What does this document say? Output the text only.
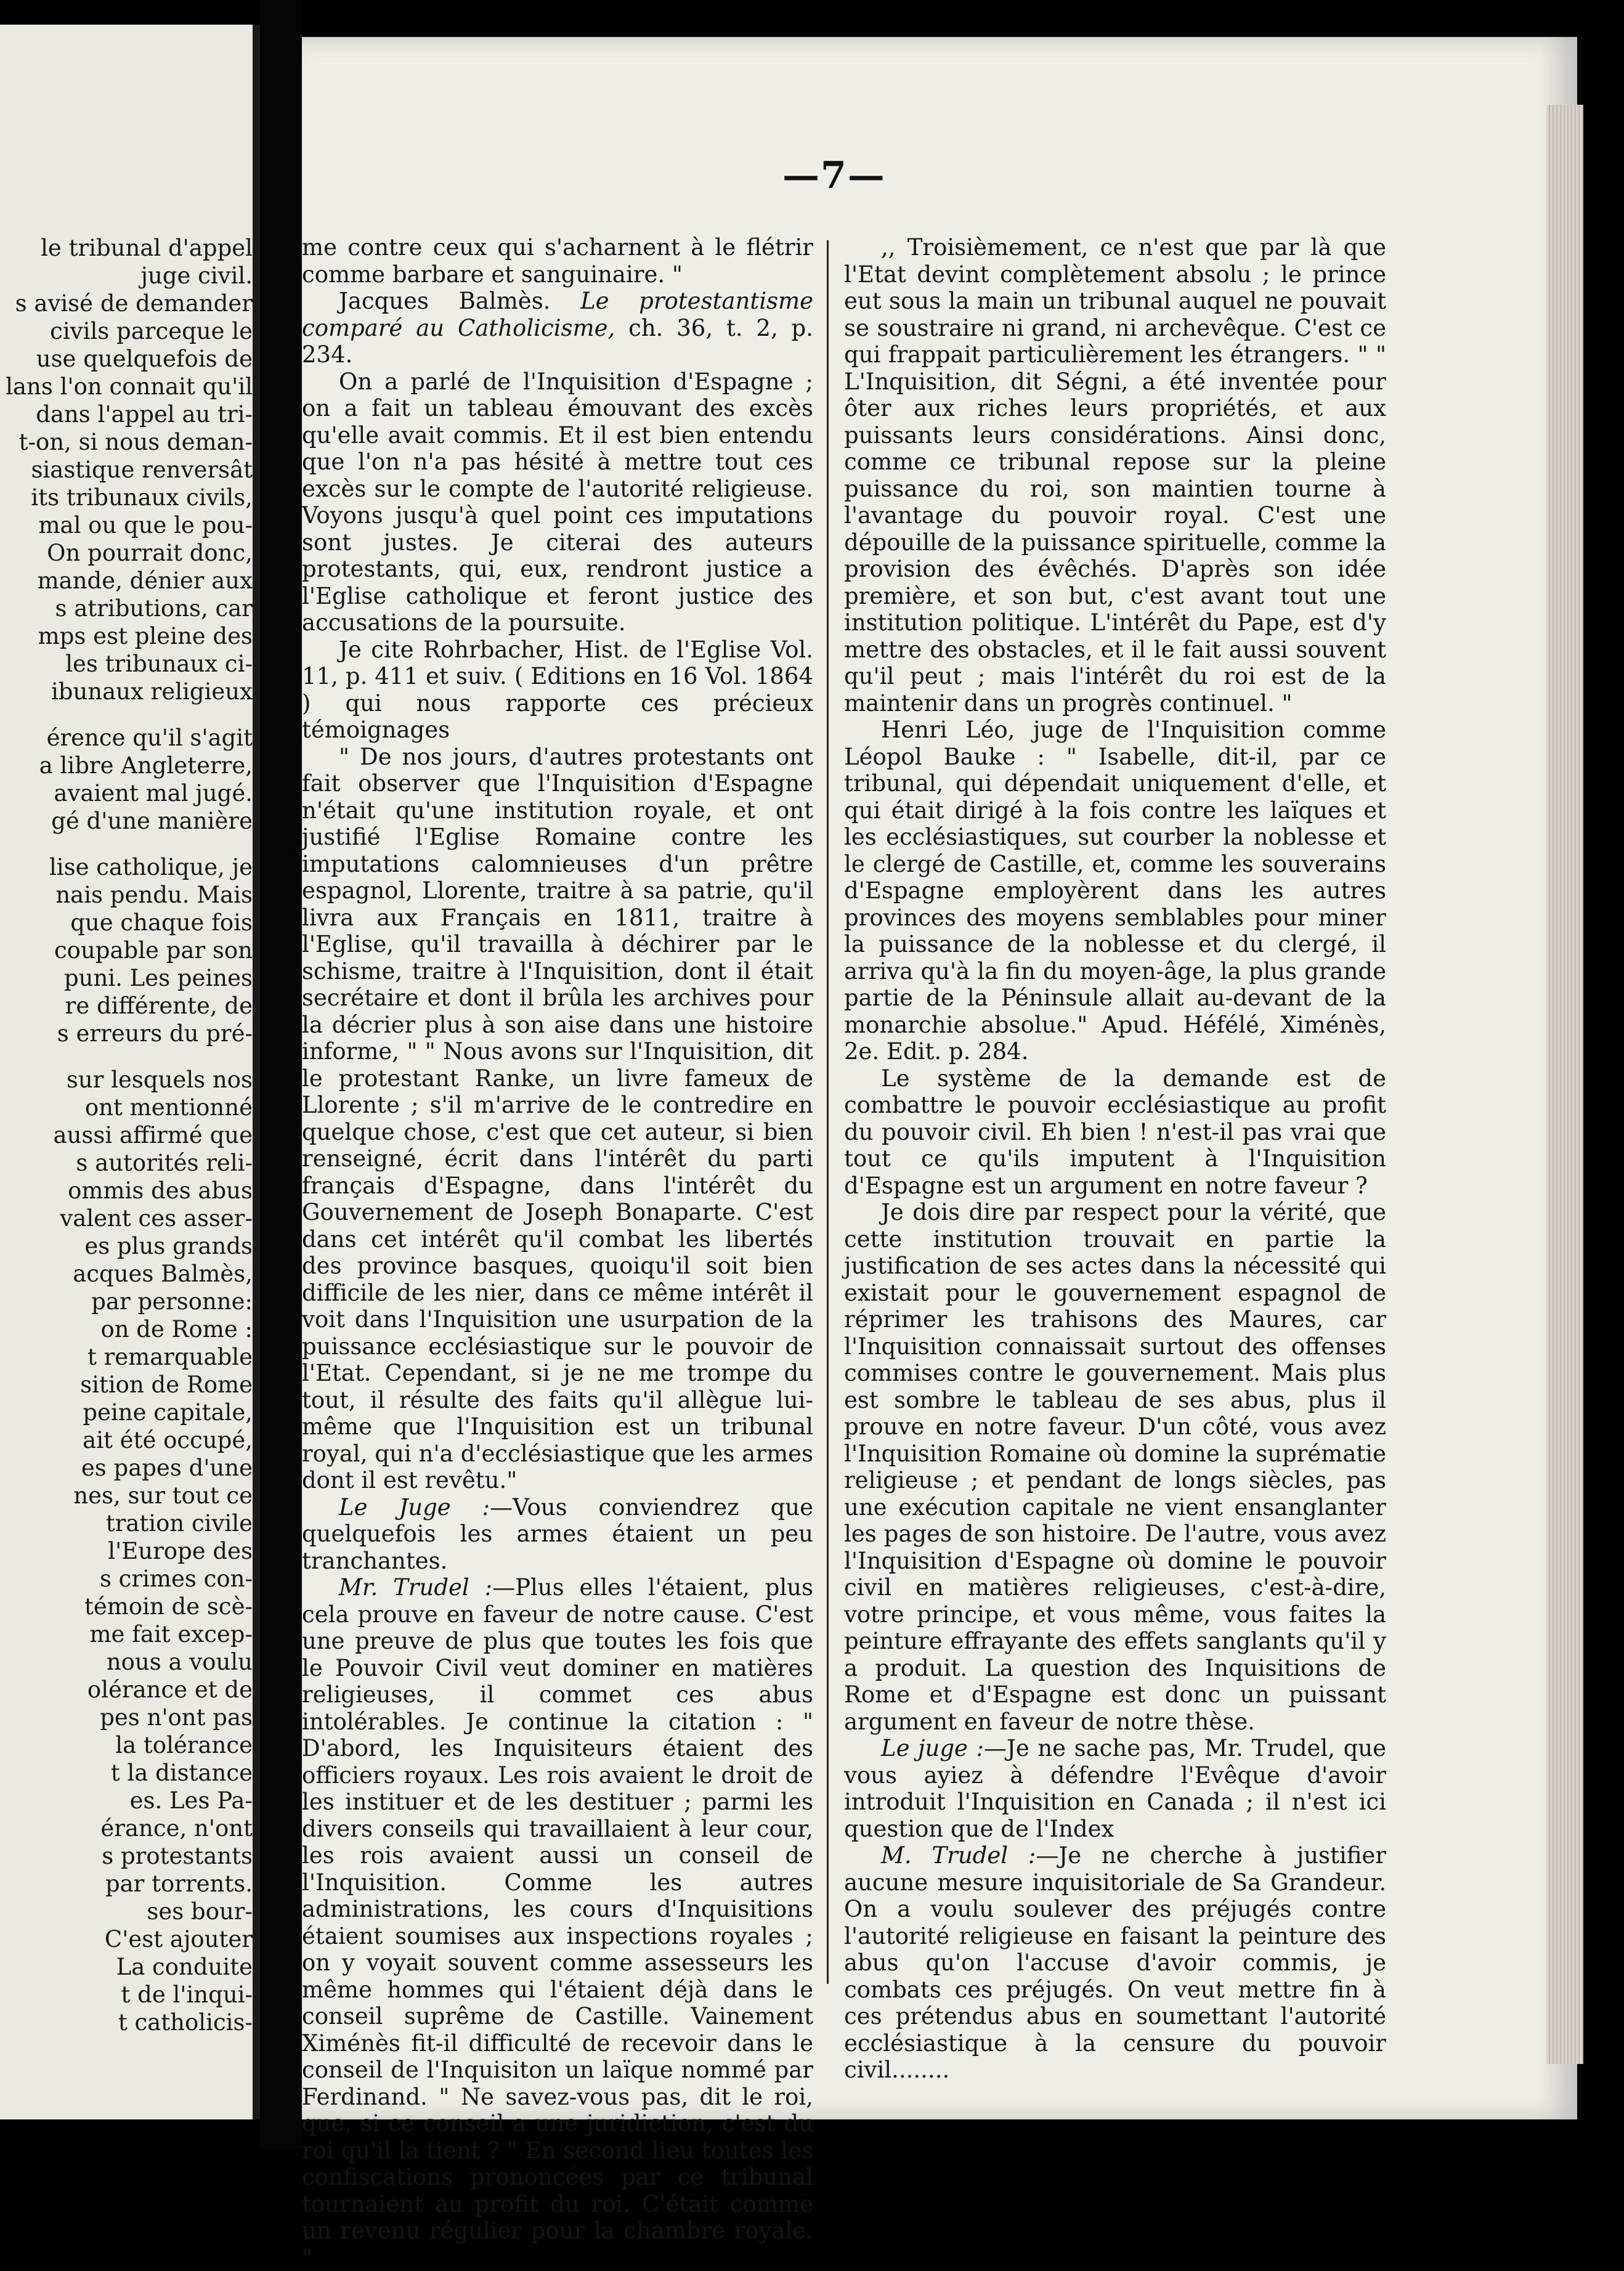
le tribunal d'appel
juge civil.
s avisé de demander
civils parceque le
use quelquefois de
lans l'on connait qu'il
dans l'appel au tri-
t-on, si nous deman-
siastique renversât
its tribunaux civils,
mal ou que le pou-
On pourrait donc,
mande, dénier aux
s atributions, car
mps est pleine des
les tribunaux ci-
ibunaux religieux
érence qu'il s'agit
a libre Angleterre,
avaient mal jugé.
gé d'une manière
lise catholique, je
nais pendu. Mais
que chaque fois
coupable par son
puni. Les peines
re différente, de
s erreurs du pré-
sur lesquels nos
ont mentionné
aussi affirmé que
s autorités reli-
ommis des abus
valent ces asser-
es plus grands
acques Balmès,
par personne:
on de Rome :
t remarquable
sition de Rome
peine capitale,
ait été occupé,
es papes d'une
nes, sur tout ce
tration civile
l'Europe des
s crimes con-
témoin de scè-
me fait excep-
nous a voulu
olérance et de
pes n'ont pas
la tolérance
t la distance
es. Les Pa-
érance, n'ont
s protestants
par torrents.
ses bour-
C'est ajouter
La conduite
t de l'inqui-
t catholicis-
—7—

me contre ceux qui s'acharnent à le flétrir comme barbare et sanguinaire. "

Jacques Balmès. Le protestantisme comparé au Catholicisme, ch. 36, t. 2, p. 234.

On a parlé de l'Inquisition d'Espagne ; on a fait un tableau émouvant des excès qu'elle avait commis. Et il est bien entendu que l'on n'a pas hésité à mettre tout ces excès sur le compte de l'autorité religieuse. Voyons jusqu'à quel point ces imputations sont justes. Je citerai des auteurs protestants, qui, eux, rendront justice a l'Eglise catholique et feront justice des accusations de la poursuite.

Je cite Rohrbacher, Hist. de l'Eglise Vol. 11, p. 411 et suiv. ( Editions en 16 Vol. 1864 ) qui nous rapporte ces précieux témoignages

" De nos jours, d'autres protestants ont fait observer que l'Inquisition d'Espagne n'était qu'une institution royale, et ont justifié l'Eglise Romaine contre les imputations calomnieuses d'un prêtre espagnol, Llorente, traitre à sa patrie, qu'il livra aux Français en 1811, traitre à l'Eglise, qu'il travailla à déchirer par le schisme, traitre à l'Inquisition, dont il était secrétaire et dont il brûla les archives pour la décrier plus à son aise dans une histoire informe, " " Nous avons sur l'Inquisition, dit le protestant Ranke, un livre fameux de Llorente ; s'il m'arrive de le contredire en quelque chose, c'est que cet auteur, si bien renseigné, écrit dans l'intérêt du parti français d'Espagne, dans l'intérêt du Gouvernement de Joseph Bonaparte. C'est dans cet intérêt qu'il combat les libertés des province basques, quoiqu'il soit bien difficile de les nier, dans ce même intérêt il voit dans l'Inquisition une usurpation de la puissance ecclésiastique sur le pouvoir de l'Etat. Cependant, si je ne me trompe du tout, il résulte des faits qu'il allègue lui-même que l'Inquisition est un tribunal royal, qui n'a d'ecclésiastique que les armes dont il est revêtu."

Le Juge :—Vous conviendrez que quelquefois les armes étaient un peu tranchantes.

Mr. Trudel :—Plus elles l'étaient, plus cela prouve en faveur de notre cause. C'est une preuve de plus que toutes les fois que le Pouvoir Civil veut dominer en matières religieuses, il commet ces abus intolérables. Je continue la citation : " D'abord, les Inquisiteurs étaient des officiers royaux. Les rois avaient le droit de les instituer et de les destituer ; parmi les divers conseils qui travaillaient à leur cour, les rois avaient aussi un conseil de l'Inquisition. Comme les autres administrations, les cours d'Inquisitions étaient soumises aux inspections royales ; on y voyait souvent comme assesseurs les même hommes qui l'étaient déjà dans le conseil suprême de Castille. Vainement Ximénès fit-il difficulté de recevoir dans le conseil de l'Inquisiton un laïque nommé par Ferdinand. " Ne savez-vous pas, dit le roi, que, si ce conseil a une juridiction, c'est du roi qu'il la tient ? " En second lieu toutes les confiscations prononcées par ce tribunal tournaient au profit du roi. C'était comme un revenu régulier pour la chambre royale. "

,, Troisièmement, ce n'est que par là que l'Etat devint complètement absolu ; le prince eut sous la main un tribunal auquel ne pouvait se soustraire ni grand, ni archevêque. C'est ce qui frappait particulièrement les étrangers. " " L'Inquisition, dit Ségni, a été inventée pour ôter aux riches leurs propriétés, et aux puissants leurs considérations. Ainsi donc, comme ce tribunal repose sur la pleine puissance du roi, son maintien tourne à l'avantage du pouvoir royal. C'est une dépouille de la puissance spirituelle, comme la provision des évêchés. D'après son idée première, et son but, c'est avant tout une institution politique. L'intérêt du Pape, est d'y mettre des obstacles, et il le fait aussi souvent qu'il peut ; mais l'intérêt du roi est de la maintenir dans un progrès continuel. "

Henri Léo, juge de l'Inquisition comme Léopol Bauke : " Isabelle, dit-il, par ce tribunal, qui dépendait uniquement d'elle, et qui était dirigé à la fois contre les laïques et les ecclésiastiques, sut courber la noblesse et le clergé de Castille, et, comme les souverains d'Espagne employèrent dans les autres provinces des moyens semblables pour miner la puissance de la noblesse et du clergé, il arriva qu'à la fin du moyen-âge, la plus grande partie de la Péninsule allait au-devant de la monarchie absolue." Apud. Héfélé, Ximénès, 2e. Edit. p. 284.

Le système de la demande est de combattre le pouvoir ecclésiastique au profit du pouvoir civil. Eh bien ! n'est-il pas vrai que tout ce qu'ils imputent à l'Inquisition d'Espagne est un argument en notre faveur ?

Je dois dire par respect pour la vérité, que cette institution trouvait en partie la justification de ses actes dans la nécessité qui existait pour le gouvernement espagnol de réprimer les trahisons des Maures, car l'Inquisition connaissait surtout des offenses commises contre le gouvernement. Mais plus est sombre le tableau de ses abus, plus il prouve en notre faveur. D'un côté, vous avez l'Inquisition Romaine où domine la suprématie religieuse ; et pendant de longs siècles, pas une exécution capitale ne vient ensanglanter les pages de son histoire. De l'autre, vous avez l'Inquisition d'Espagne où domine le pouvoir civil en matières religieuses, c'est-à-dire, votre principe, et vous même, vous faites la peinture effrayante des effets sanglants qu'il y a produit. La question des Inquisitions de Rome et d'Espagne est donc un puissant argument en faveur de notre thèse.

Le juge :—Je ne sache pas, Mr. Trudel, que vous ayiez à défendre l'Evêque d'avoir introduit l'Inquisition en Canada ; il n'est ici question que de l'Index

M. Trudel :—Je ne cherche à justifier aucune mesure inquisitoriale de Sa Grandeur. On a voulu soulever des préjugés contre l'autorité religieuse en faisant la peinture des abus qu'on l'accuse d'avoir commis, je combats ces préjugés. On veut mettre fin à ces prétendus abus en soumettant l'autorité ecclésiastique à la censure du pouvoir civil........
